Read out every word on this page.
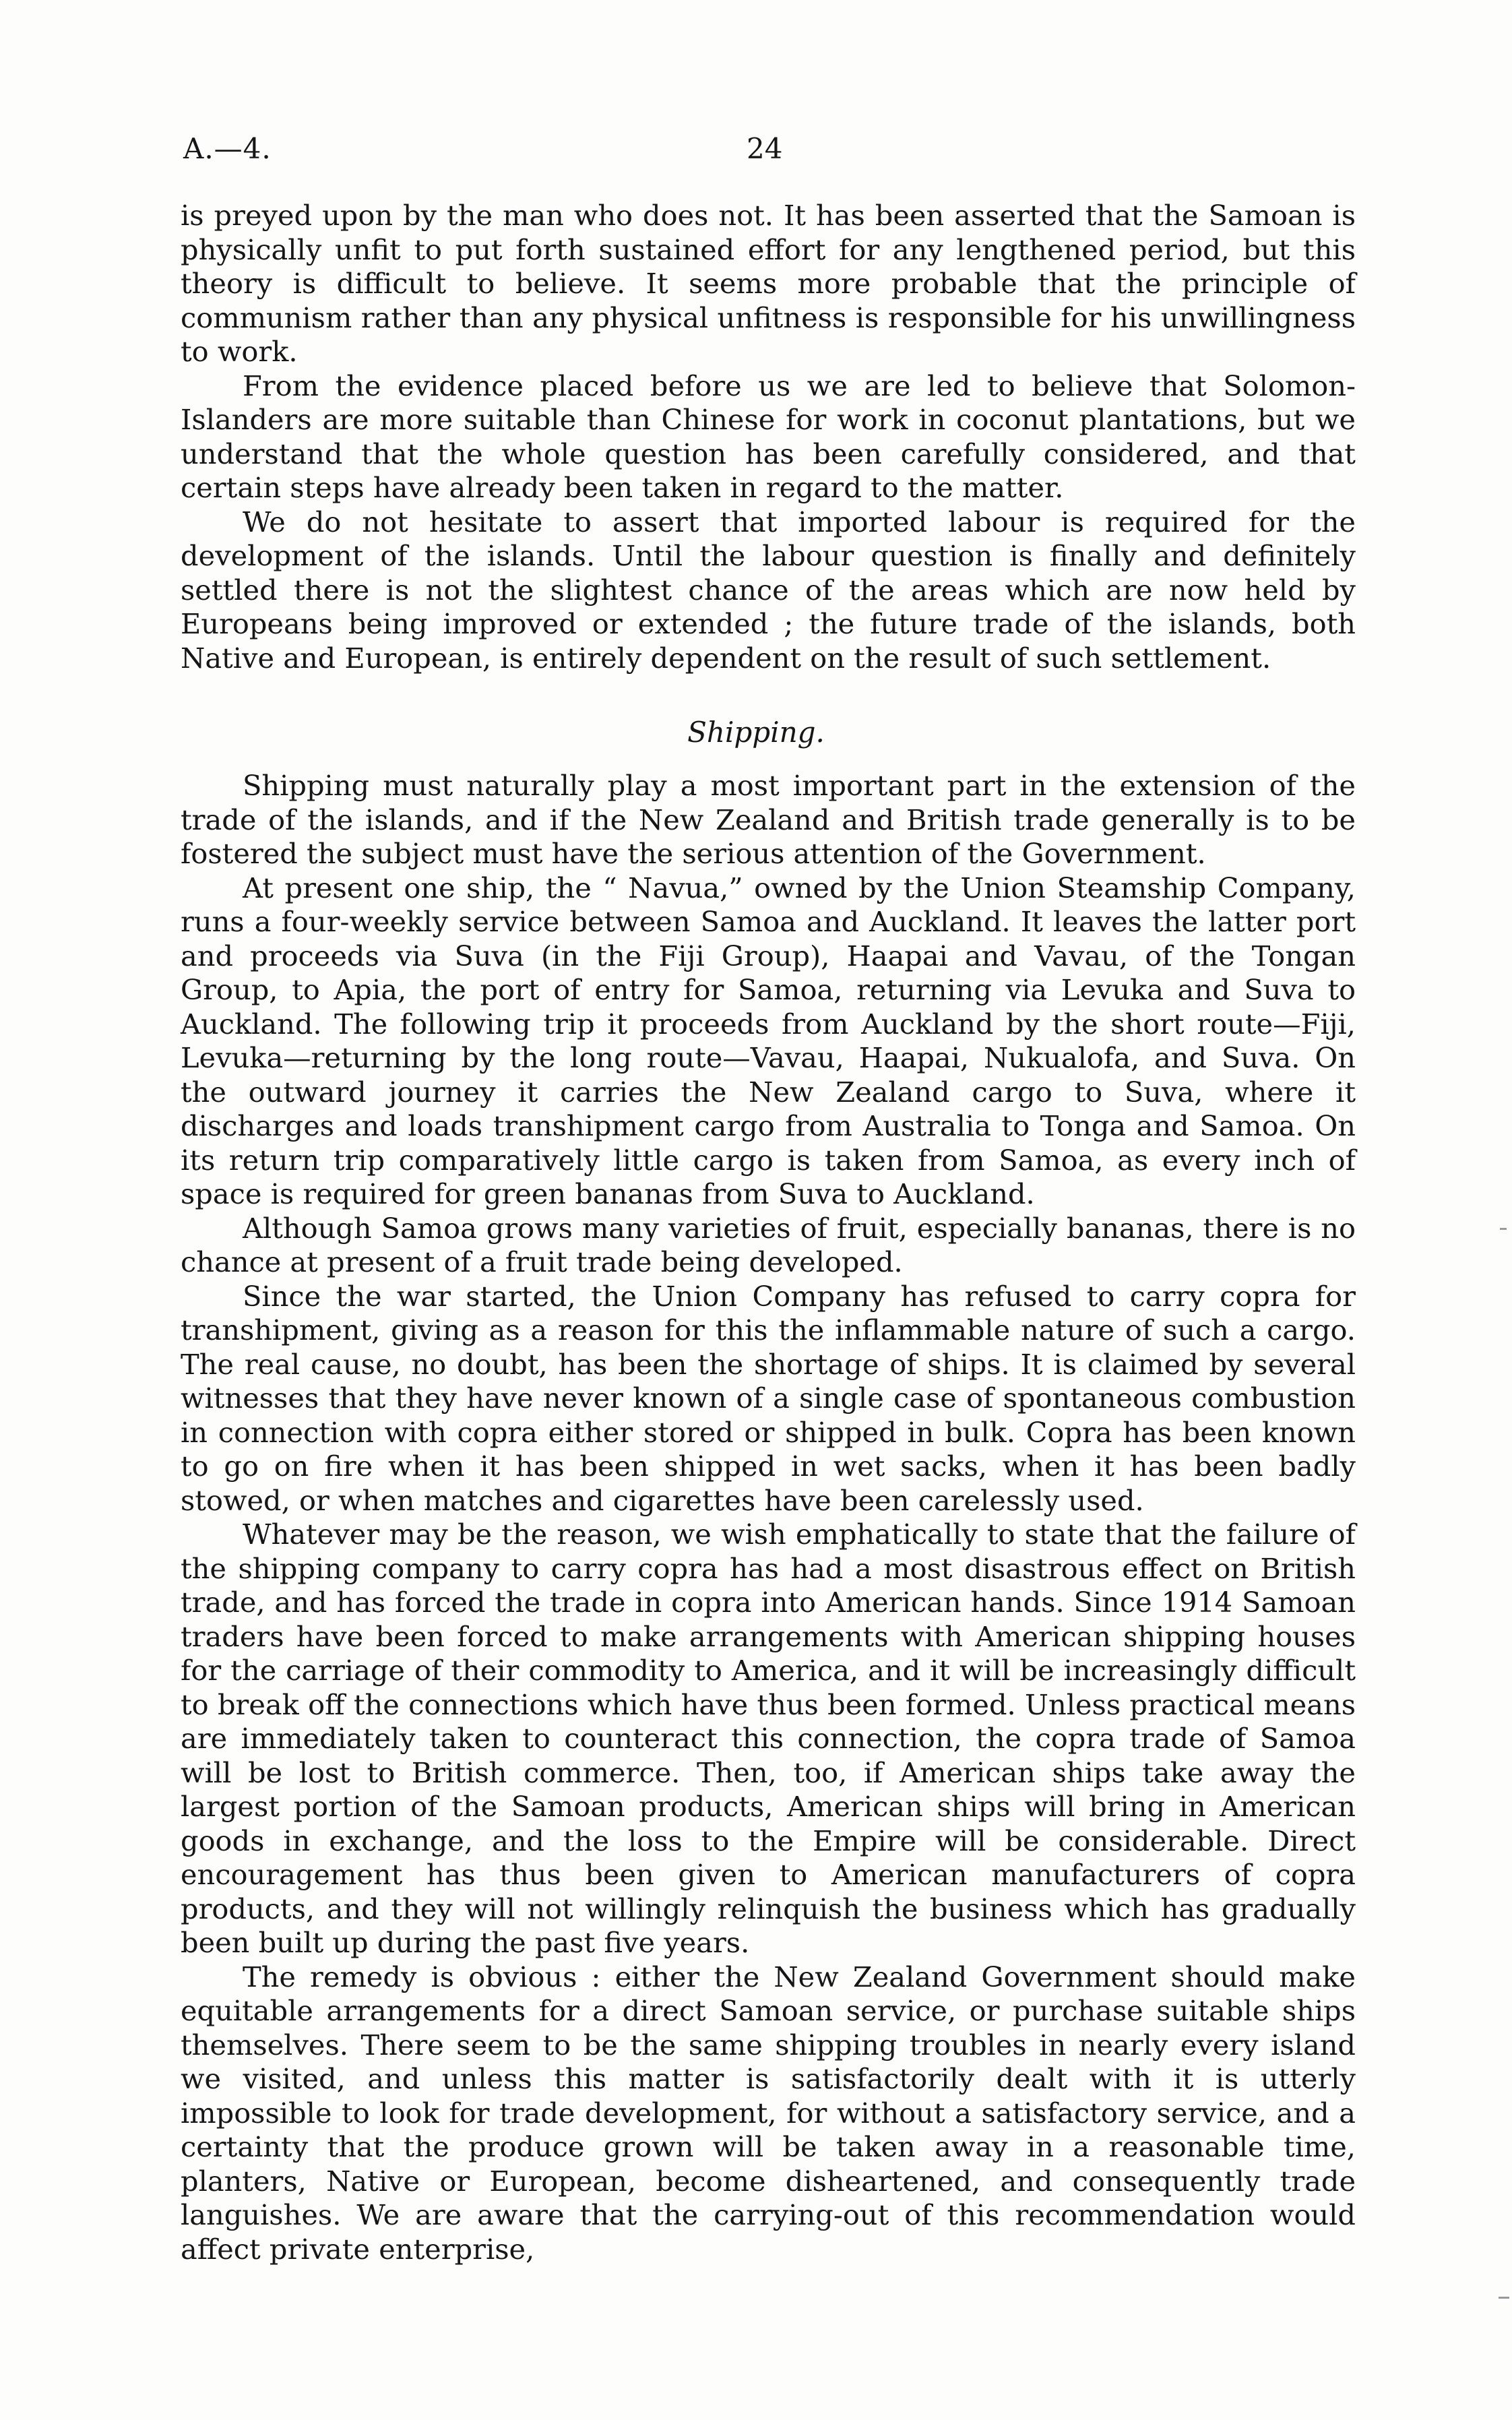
A.—4.	24

is preyed upon by the man who does not. It has been asserted that the Samoan is physically unfit to put forth sustained effort for any lengthened period, but this theory is difficult to believe. It seems more probable that the principle of communism rather than any physical unfitness is responsible for his unwillingness to work.

From the evidence placed before us we are led to believe that Solomon-Islanders are more suitable than Chinese for work in coconut plantations, but we understand that the whole question has been carefully considered, and that certain steps have already been taken in regard to the matter.

We do not hesitate to assert that imported labour is required for the development of the islands. Until the labour question is finally and definitely settled there is not the slightest chance of the areas which are now held by Europeans being improved or extended ; the future trade of the islands, both Native and European, is entirely dependent on the result of such settlement.

Shipping.

Shipping must naturally play a most important part in the extension of the trade of the islands, and if the New Zealand and British trade generally is to be fostered the subject must have the serious attention of the Government.

At present one ship, the “ Navua,” owned by the Union Steamship Company, runs a four-weekly service between Samoa and Auckland. It leaves the latter port and proceeds via Suva (in the Fiji Group), Haapai and Vavau, of the Tongan Group, to Apia, the port of entry for Samoa, returning via Levuka and Suva to Auckland. The following trip it proceeds from Auckland by the short route—Fiji, Levuka—returning by the long route—Vavau, Haapai, Nukualofa, and Suva. On the outward journey it carries the New Zealand cargo to Suva, where it discharges and loads transhipment cargo from Australia to Tonga and Samoa. On its return trip comparatively little cargo is taken from Samoa, as every inch of space is required for green bananas from Suva to Auckland.

Although Samoa grows many varieties of fruit, especially bananas, there is no chance at present of a fruit trade being developed.

Since the war started, the Union Company has refused to carry copra for transhipment, giving as a reason for this the inflammable nature of such a cargo. The real cause, no doubt, has been the shortage of ships. It is claimed by several witnesses that they have never known of a single case of spontaneous combustion in connection with copra either stored or shipped in bulk. Copra has been known to go on fire when it has been shipped in wet sacks, when it has been badly stowed, or when matches and cigarettes have been carelessly used.

Whatever may be the reason, we wish emphatically to state that the failure of the shipping company to carry copra has had a most disastrous effect on British trade, and has forced the trade in copra into American hands. Since 1914 Samoan traders have been forced to make arrangements with American shipping houses for the carriage of their commodity to America, and it will be increasingly difficult to break off the connections which have thus been formed. Unless practical means are immediately taken to counteract this connection, the copra trade of Samoa will be lost to British commerce. Then, too, if American ships take away the largest portion of the Samoan products, American ships will bring in American goods in exchange, and the loss to the Empire will be considerable. Direct encouragement has thus been given to American manufacturers of copra products, and they will not willingly relinquish the business which has gradually been built up during the past five years.

The remedy is obvious : either the New Zealand Government should make equitable arrangements for a direct Samoan service, or purchase suitable ships themselves. There seem to be the same shipping troubles in nearly every island we visited, and unless this matter is satisfactorily dealt with it is utterly impossible to look for trade development, for without a satisfactory service, and a certainty that the produce grown will be taken away in a reasonable time, planters, Native or European, become disheartened, and consequently trade languishes. We are aware that the carrying-out of this recommendation would affect private enterprise,
